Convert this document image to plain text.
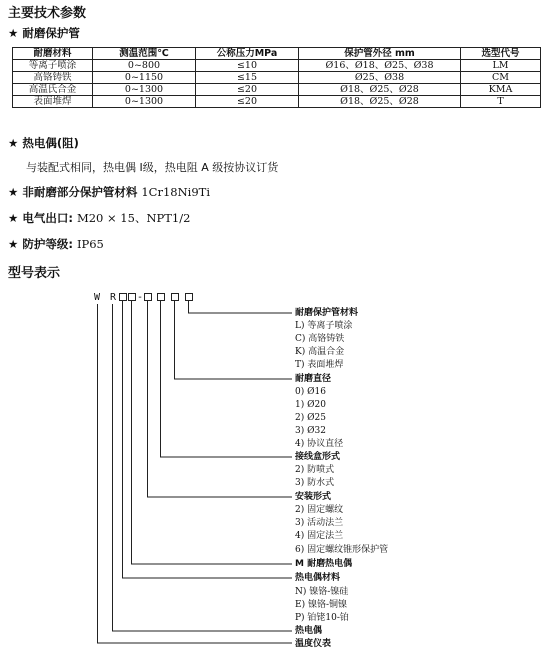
主要技术参数
★ 耐磨保护管
耐磨材料	测温范围℃	公称压力MPa	保护管外径 mm	选型代号
等离子喷涂	0~800	≤10	Ø16、Ø18、Ø25、Ø38	LM
高铬铸铁	0~1150	≤15	Ø25、Ø38	CM
高温氏合金	0~1300	≤20	Ø18、Ø25、Ø28	KMA
表面堆焊	0~1300	≤20	Ø18、Ø25、Ø28	T
★ 热电偶(阻)
与装配式相同，热电偶 Ⅰ级，热电阻 A 级按协议订货
★ 非耐磨部分保护管材料 1Cr18Ni9Ti
★ 电气出口: M20 × 15、NPT1/2
★ 防护等级: IP65
型号表示
W R -
耐磨保护管材料
L) 等离子喷涂
C) 高铬铸铁
K) 高温合金
T) 表面堆焊
耐磨直径
0) Ø16
1) Ø20
2) Ø25
3) Ø32
4) 协议直径
接线盒形式
2) 防喷式
3) 防水式
安装形式
2) 固定螺纹
3) 活动法兰
4) 固定法兰
6) 固定螺纹锥形保护管
M 耐磨热电偶
热电偶材料
N) 镍铬-镍硅
E) 镍铬-铜镍
P) 铂铑10-铂
热电偶
温度仪表
